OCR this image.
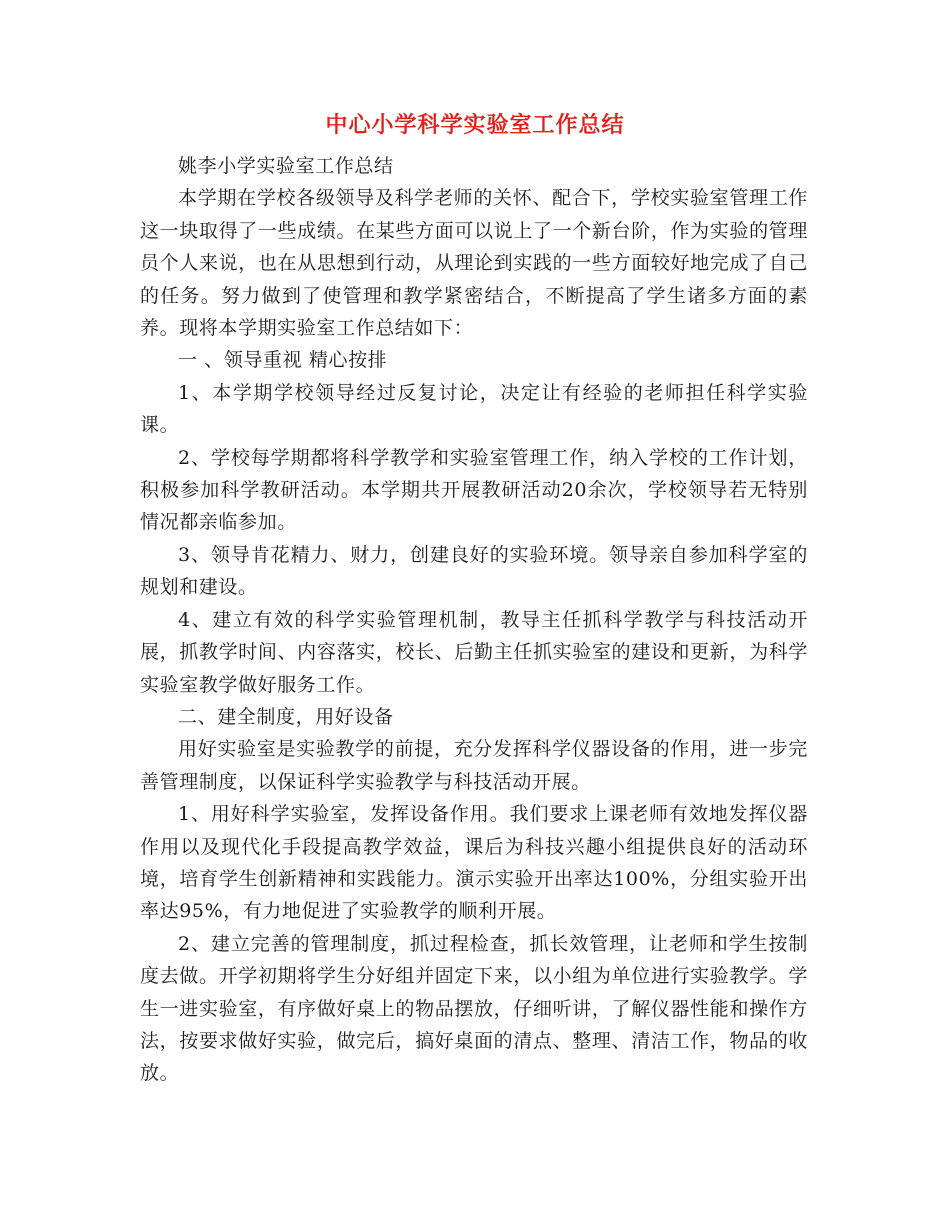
中心小学科学实验室工作总结

姚李小学实验室工作总结

本学期在学校各级领导及科学老师的关怀、配合下，学校实验室管理工作这一块取得了一些成绩。在某些方面可以说上了一个新台阶，作为实验的管理员个人来说，也在从思想到行动，从理论到实践的一些方面较好地完成了自己的任务。努力做到了使管理和教学紧密结合，不断提高了学生诸多方面的素养。现将本学期实验室工作总结如下：

一 、领导重视 精心按排

1、本学期学校领导经过反复讨论，决定让有经验的老师担任科学实验课。

2、学校每学期都将科学教学和实验室管理工作，纳入学校的工作计划，积极参加科学教研活动。本学期共开展教研活动20余次，学校领导若无特别情况都亲临参加。

3、领导肯花精力、财力，创建良好的实验环境。领导亲自参加科学室的规划和建设。

4、建立有效的科学实验管理机制，教导主任抓科学教学与科技活动开展，抓教学时间、内容落实，校长、后勤主任抓实验室的建设和更新，为科学实验室教学做好服务工作。

二、建全制度，用好设备

用好实验室是实验教学的前提，充分发挥科学仪器设备的作用，进一步完善管理制度，以保证科学实验教学与科技活动开展。

1、用好科学实验室，发挥设备作用。我们要求上课老师有效地发挥仪器作用以及现代化手段提高教学效益，课后为科技兴趣小组提供良好的活动环境，培育学生创新精神和实践能力。演示实验开出率达100%，分组实验开出率达95%，有力地促进了实验教学的顺利开展。

2、建立完善的管理制度，抓过程检查，抓长效管理，让老师和学生按制度去做。开学初期将学生分好组并固定下来，以小组为单位进行实验教学。学生一进实验室，有序做好桌上的物品摆放，仔细听讲，了解仪器性能和操作方法，按要求做好实验，做完后，搞好桌面的清点、整理、清洁工作，物品的收放。
